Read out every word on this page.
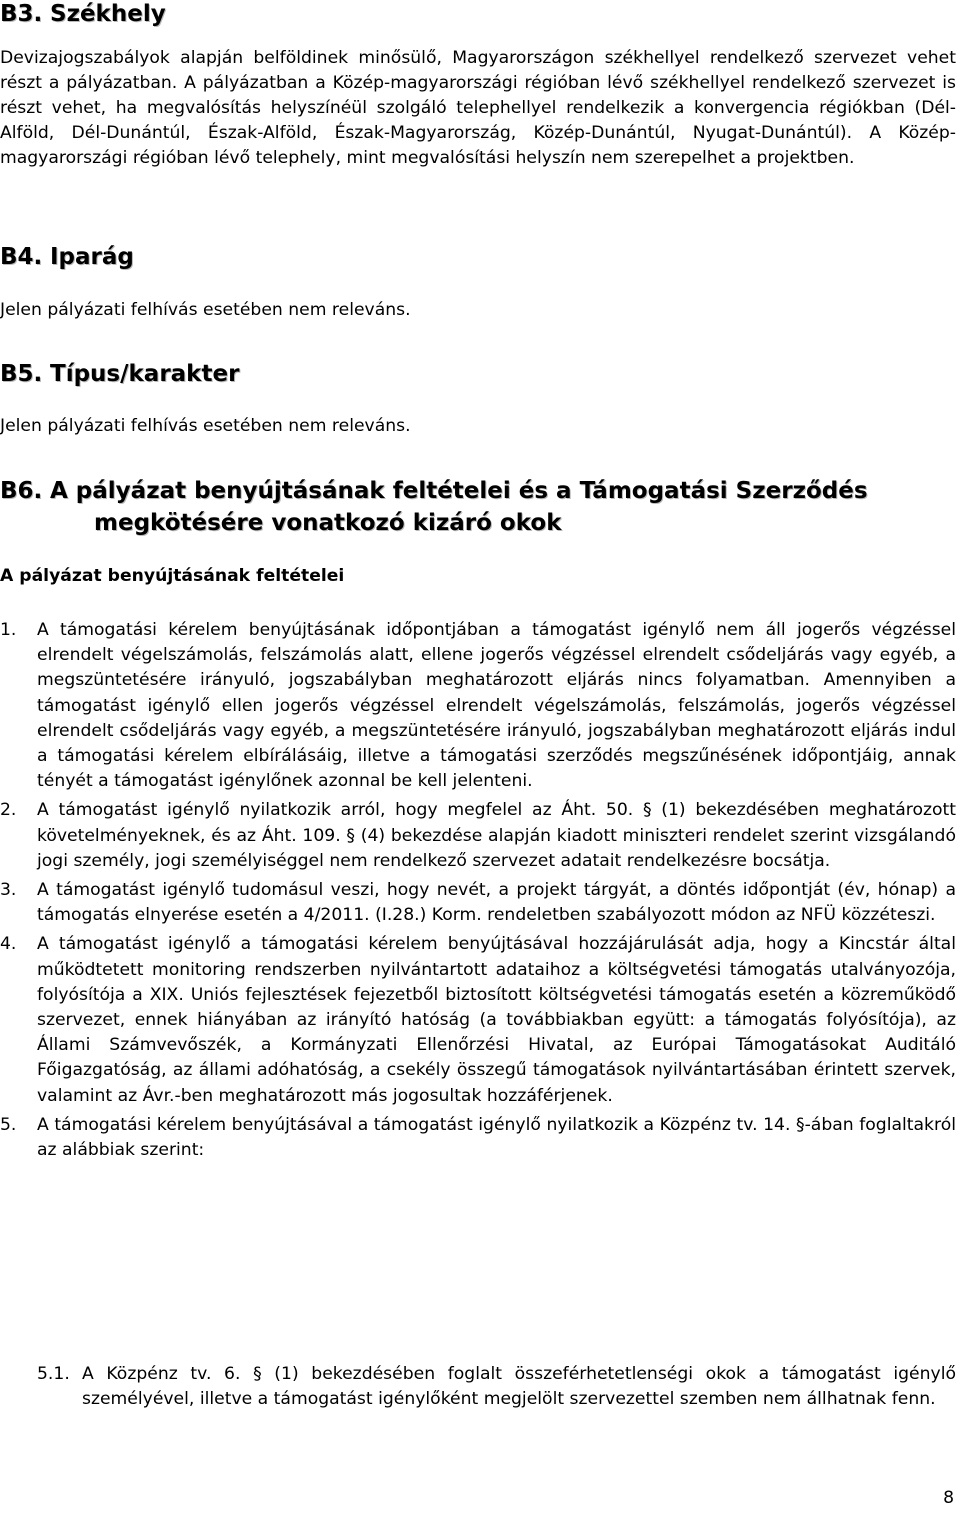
B3. Székhely

Devizajogszabályok alapján belföldinek minősülő, Magyarországon székhellyel rendelkező szervezet vehet részt a pályázatban. A pályázatban a Közép-magyarországi régióban lévő székhellyel rendelkező szervezet is részt vehet, ha megvalósítás helyszínéül szolgáló telephellyel rendelkezik a konvergencia régiókban (Dél-Alföld, Dél-Dunántúl, Észak-Alföld, Észak-Magyarország, Közép-Dunántúl, Nyugat-Dunántúl). A Közép-magyarországi régióban lévő telephely, mint megvalósítási helyszín nem szerepelhet a projektben.

B4. Iparág

Jelen pályázati felhívás esetében nem releváns.

B5. Típus/karakter

Jelen pályázati felhívás esetében nem releváns.

B6. A pályázat benyújtásának feltételei és a Támogatási Szerződés
megkötésére vonatkozó kizáró okok

A pályázat benyújtásának feltételei

1. A támogatási kérelem benyújtásának időpontjában a támogatást igénylő nem áll jogerős végzéssel elrendelt végelszámolás, felszámolás alatt, ellene jogerős végzéssel elrendelt csődeljárás vagy egyéb, a megszüntetésére irányuló, jogszabályban meghatározott eljárás nincs folyamatban. Amennyiben a támogatást igénylő ellen jogerős végzéssel elrendelt végelszámolás, felszámolás, jogerős végzéssel elrendelt csődeljárás vagy egyéb, a megszüntetésére irányuló, jogszabályban meghatározott eljárás indul a támogatási kérelem elbírálásáig, illetve a támogatási szerződés megszűnésének időpontjáig, annak tényét a támogatást igénylőnek azonnal be kell jelenteni.
2. A támogatást igénylő nyilatkozik arról, hogy megfelel az Áht. 50. § (1) bekezdésében meghatározott követelményeknek, és az Áht. 109. § (4) bekezdése alapján kiadott miniszteri rendelet szerint vizsgálandó jogi személy, jogi személyiséggel nem rendelkező szervezet adatait rendelkezésre bocsátja.
3. A támogatást igénylő tudomásul veszi, hogy nevét, a projekt tárgyát, a döntés időpontját (év, hónap) a támogatás elnyerése esetén a 4/2011. (I.28.) Korm. rendeletben szabályozott módon az NFÜ közzéteszi.
4. A támogatást igénylő a támogatási kérelem benyújtásával hozzájárulását adja, hogy a Kincstár által működtetett monitoring rendszerben nyilvántartott adataihoz a költségvetési támogatás utalványozója, folyósítója a XIX. Uniós fejlesztések fejezetből biztosított költségvetési támogatás esetén a közreműködő szervezet, ennek hiányában az irányító hatóság (a továbbiakban együtt: a támogatás folyósítója), az Állami Számvevőszék, a Kormányzati Ellenőrzési Hivatal, az Európai Támogatásokat Auditáló Főigazgatóság, az állami adóhatóság, a csekély összegű támogatások nyilvántartásában érintett szervek, valamint az Ávr.-ben meghatározott más jogosultak hozzáférjenek.
5. A támogatási kérelem benyújtásával a támogatást igénylő nyilatkozik a Közpénz tv. 14. §-ában foglaltakról az alábbiak szerint:

5.1. A Közpénz tv. 6. § (1) bekezdésében foglalt összeférhetetlenségi okok a támogatást igénylő személyével, illetve a támogatást igénylőként megjelölt szervezettel szemben nem állhatnak fenn.

8
